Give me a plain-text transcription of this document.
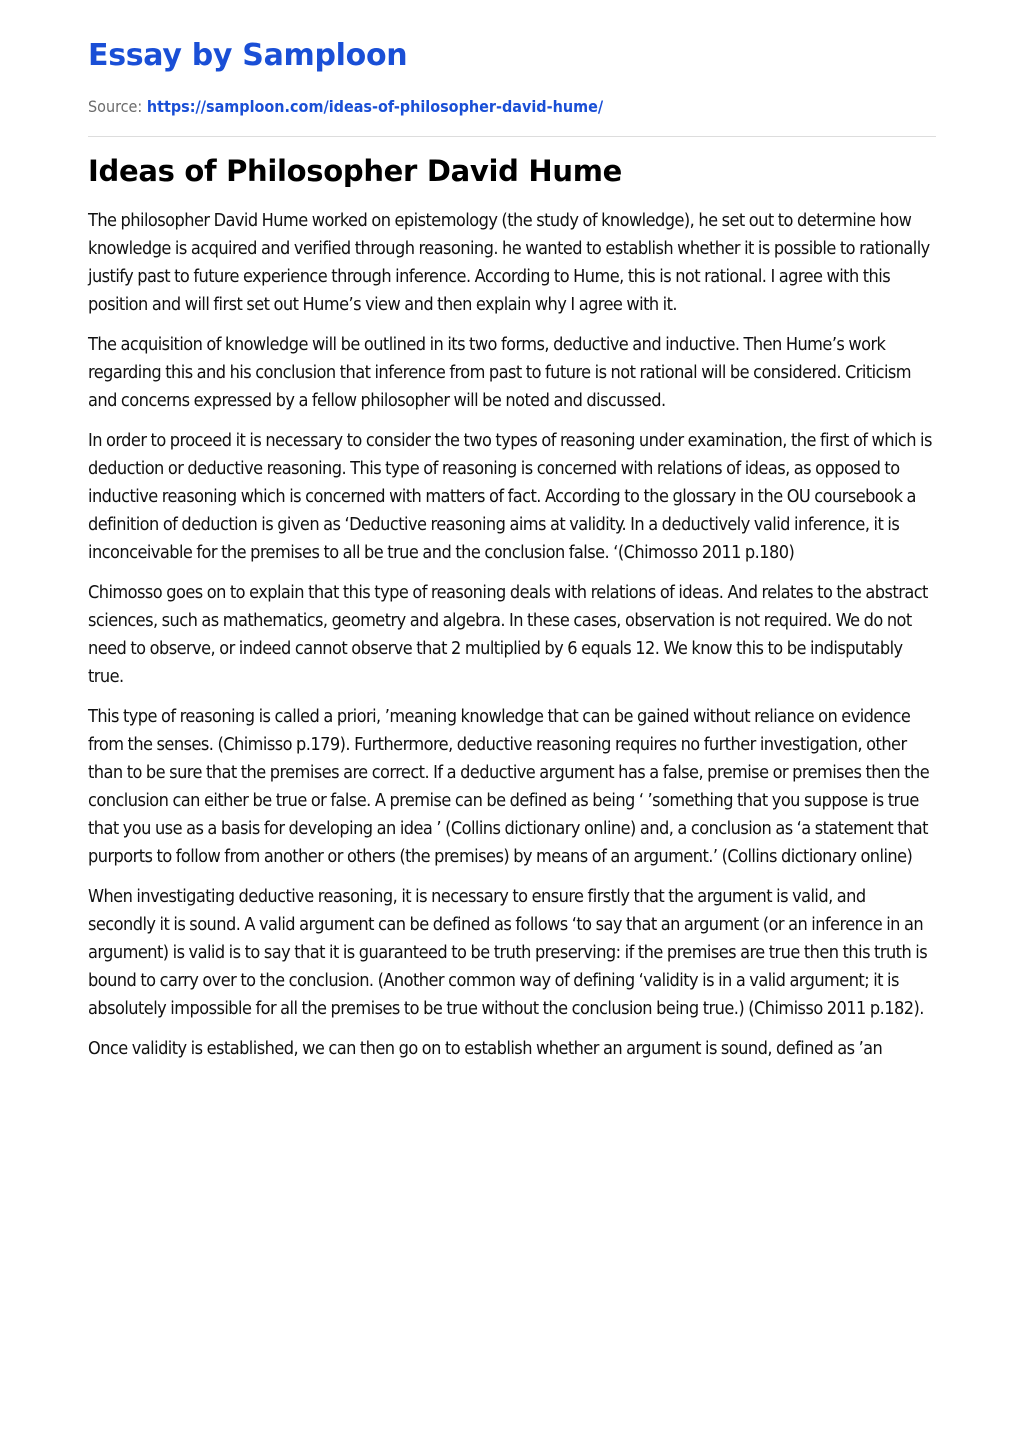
Essay by Samploon
Source: https://samploon.com/ideas-of-philosopher-david-hume/
Ideas of Philosopher David Hume

The philosopher David Hume worked on epistemology (the study of knowledge), he set out to determine how knowledge is acquired and verified through reasoning. he wanted to establish whether it is possible to rationally justify past to future experience through inference. According to Hume, this is not rational. I agree with this position and will first set out Hume’s view and then explain why I agree with it.

The acquisition of knowledge will be outlined in its two forms, deductive and inductive. Then Hume’s work regarding this and his conclusion that inference from past to future is not rational will be considered. Criticism and concerns expressed by a fellow philosopher will be noted and discussed.

In order to proceed it is necessary to consider the two types of reasoning under examination, the first of which is deduction or deductive reasoning. This type of reasoning is concerned with relations of ideas, as opposed to inductive reasoning which is concerned with matters of fact. According to the glossary in the OU coursebook a definition of deduction is given as ‘Deductive reasoning aims at validity. In a deductively valid inference, it is inconceivable for the premises to all be true and the conclusion false. ‘(Chimosso 2011 p.180)

Chimosso goes on to explain that this type of reasoning deals with relations of ideas. And relates to the abstract sciences, such as mathematics, geometry and algebra. In these cases, observation is not required. We do not need to observe, or indeed cannot observe that 2 multiplied by 6 equals 12. We know this to be indisputably true.

This type of reasoning is called a priori, ’meaning knowledge that can be gained without reliance on evidence from the senses. (Chimisso p.179). Furthermore, deductive reasoning requires no further investigation, other than to be sure that the premises are correct. If a deductive argument has a false, premise or premises then the conclusion can either be true or false. A premise can be defined as being ‘ ’something that you suppose is true that you use as a basis for developing an idea ’ (Collins dictionary online) and, a conclusion as ‘a statement that purports to follow from another or others (the premises) by means of an argument.’ (Collins dictionary online)

When investigating deductive reasoning, it is necessary to ensure firstly that the argument is valid, and secondly it is sound. A valid argument can be defined as follows ‘to say that an argument (or an inference in an argument) is valid is to say that it is guaranteed to be truth preserving: if the premises are true then this truth is bound to carry over to the conclusion. (Another common way of defining ‘validity is in a valid argument; it is absolutely impossible for all the premises to be true without the conclusion being true.) (Chimisso 2011 p.182).

Once validity is established, we can then go on to establish whether an argument is sound, defined as ’an
